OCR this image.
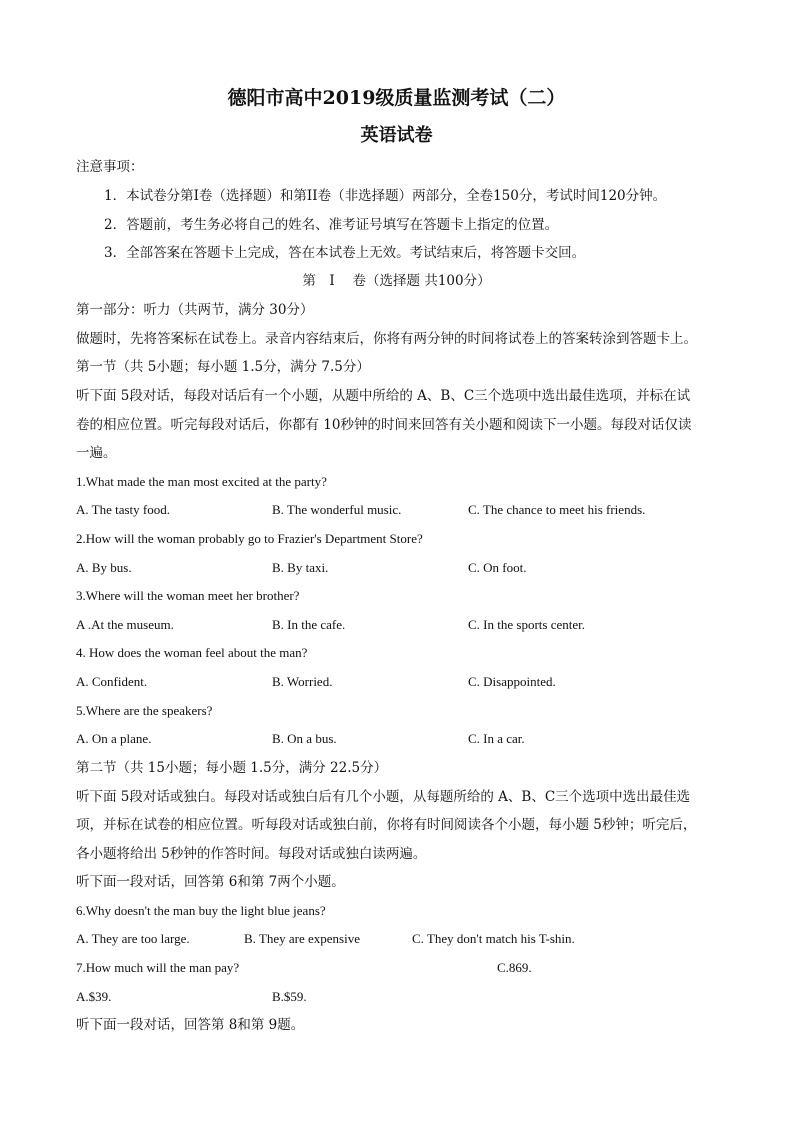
德阳市高中2019级质量监测考试（二）
英语试卷
注意事项：
1．本试卷分第I卷（选择题）和第II卷（非选择题）两部分，全卷150分，考试时间120分钟。
2．答题前，考生务必将自己的姓名、准考证号填写在答题卡上指定的位置。
3．全部答案在答题卡上完成，答在本试卷上无效。考试结束后，将答题卡交回。
第　I　 卷（选择题 共100分）
第一部分：听力（共两节，满分 30分）
做题时，先将答案标在试卷上。录音内容结束后，你将有两分钟的时间将试卷上的答案转涂到答题卡上。
第一节（共 5小题；每小题 1.5分，满分 7.5分）
听下面 5段对话，每段对话后有一个小题，从题中所给的 A、B、C三个选项中选出最佳选项，并标在试
卷的相应位置。听完每段对话后，你都有 10秒钟的时间来回答有关小题和阅读下一小题。每段对话仅读
一遍。
1.What made the man most excited at the party?
A. The tasty food.	B. The wonderful music.	C. The chance to meet his friends.
2.How will the woman probably go to Frazier's Department Store?
A. By bus.	B. By taxi.	C. On foot.
3.Where will the woman meet her brother?
A .At the museum.	B. In the cafe.	C. In the sports center.
4. How does the woman feel about the man?
A. Confident.	B. Worried.	C. Disappointed.
5.Where are the speakers?
A. On a plane.	B. On a bus.	C. In a car.
第二节（共 15小题；每小题 1.5分，满分 22.5分）
听下面 5段对话或独白。每段对话或独白后有几个小题，从每题所给的 A、B、C三个选项中选出最佳选
项，并标在试卷的相应位置。听每段对话或独白前，你将有时间阅读各个小题，每小题 5秒钟；听完后，
各小题将给出 5秒钟的作答时间。每段对话或独白读两遍。
听下面一段对话，回答第 6和第 7两个小题。
6.Why doesn't the man buy the light blue jeans?
A. They are too large.	B. They are expensive	C. They don't match his T-shin.
7.How much will the man pay?	C.869.
A.$39.	B.$59.
听下面一段对话，回答第 8和第 9题。
